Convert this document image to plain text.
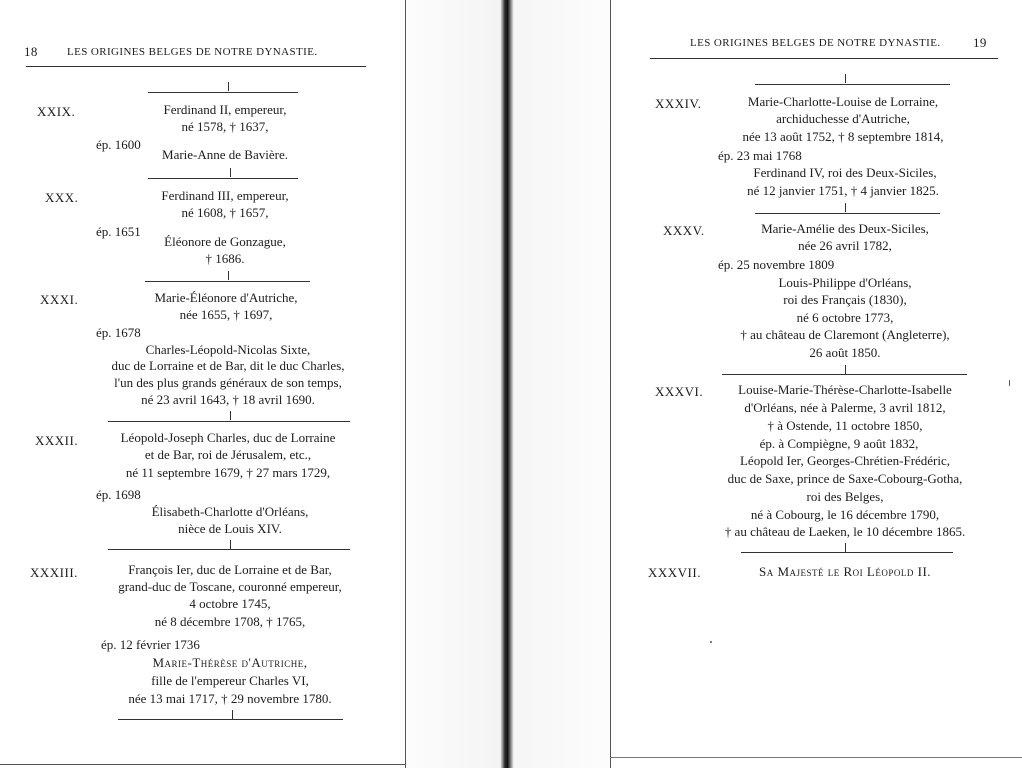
18	LES ORIGINES BELGES DE NOTRE DYNASTIE.
XXIX.	Ferdinand II, empereur,
né 1578, † 1637,
ép. 1600
Marie-Anne de Bavière.
XXX.	Ferdinand III, empereur,
né 1608, † 1657,
ép. 1651
Éléonore de Gonzague,
† 1686.
XXXI.	Marie-Éléonore d'Autriche,
née 1655, † 1697,
ép. 1678
Charles-Léopold-Nicolas Sixte,
duc de Lorraine et de Bar, dit le duc Charles,
l'un des plus grands généraux de son temps,
né 23 avril 1643, † 18 avril 1690.
XXXII.	Léopold-Joseph Charles, duc de Lorraine
et de Bar, roi de Jérusalem, etc.,
né 11 septembre 1679, † 27 mars 1729,
ép. 1698
Élisabeth-Charlotte d'Orléans,
nièce de Louis XIV.
XXXIII.	François Ier, duc de Lorraine et de Bar,
grand-duc de Toscane, couronné empereur,
4 octobre 1745,
né 8 décembre 1708, † 1765,
ép. 12 février 1736
Marie-Thérèse d'Autriche,
fille de l'empereur Charles VI,
née 13 mai 1717, † 29 novembre 1780.
LES ORIGINES BELGES DE NOTRE DYNASTIE.	19
XXXIV.	Marie-Charlotte-Louise de Lorraine,
archiduchesse d'Autriche,
née 13 août 1752, † 8 septembre 1814,
ép. 23 mai 1768
Ferdinand IV, roi des Deux-Siciles,
né 12 janvier 1751, † 4 janvier 1825.
XXXV.	Marie-Amélie des Deux-Siciles,
née 26 avril 1782,
ép. 25 novembre 1809
Louis-Philippe d'Orléans,
roi des Français (1830),
né 6 octobre 1773,
† au château de Claremont (Angleterre),
26 août 1850.
XXXVI.	Louise-Marie-Thérèse-Charlotte-Isabelle
d'Orléans, née à Palerme, 3 avril 1812,
† à Ostende, 11 octobre 1850,
ép. à Compiègne, 9 août 1832,
Léopold Ier, Georges-Chrétien-Frédéric,
duc de Saxe, prince de Saxe-Cobourg-Gotha,
roi des Belges,
né à Cobourg, le 16 décembre 1790,
† au château de Laeken, le 10 décembre 1865.
XXXVII.	Sa Majesté le Roi Léopold II.
